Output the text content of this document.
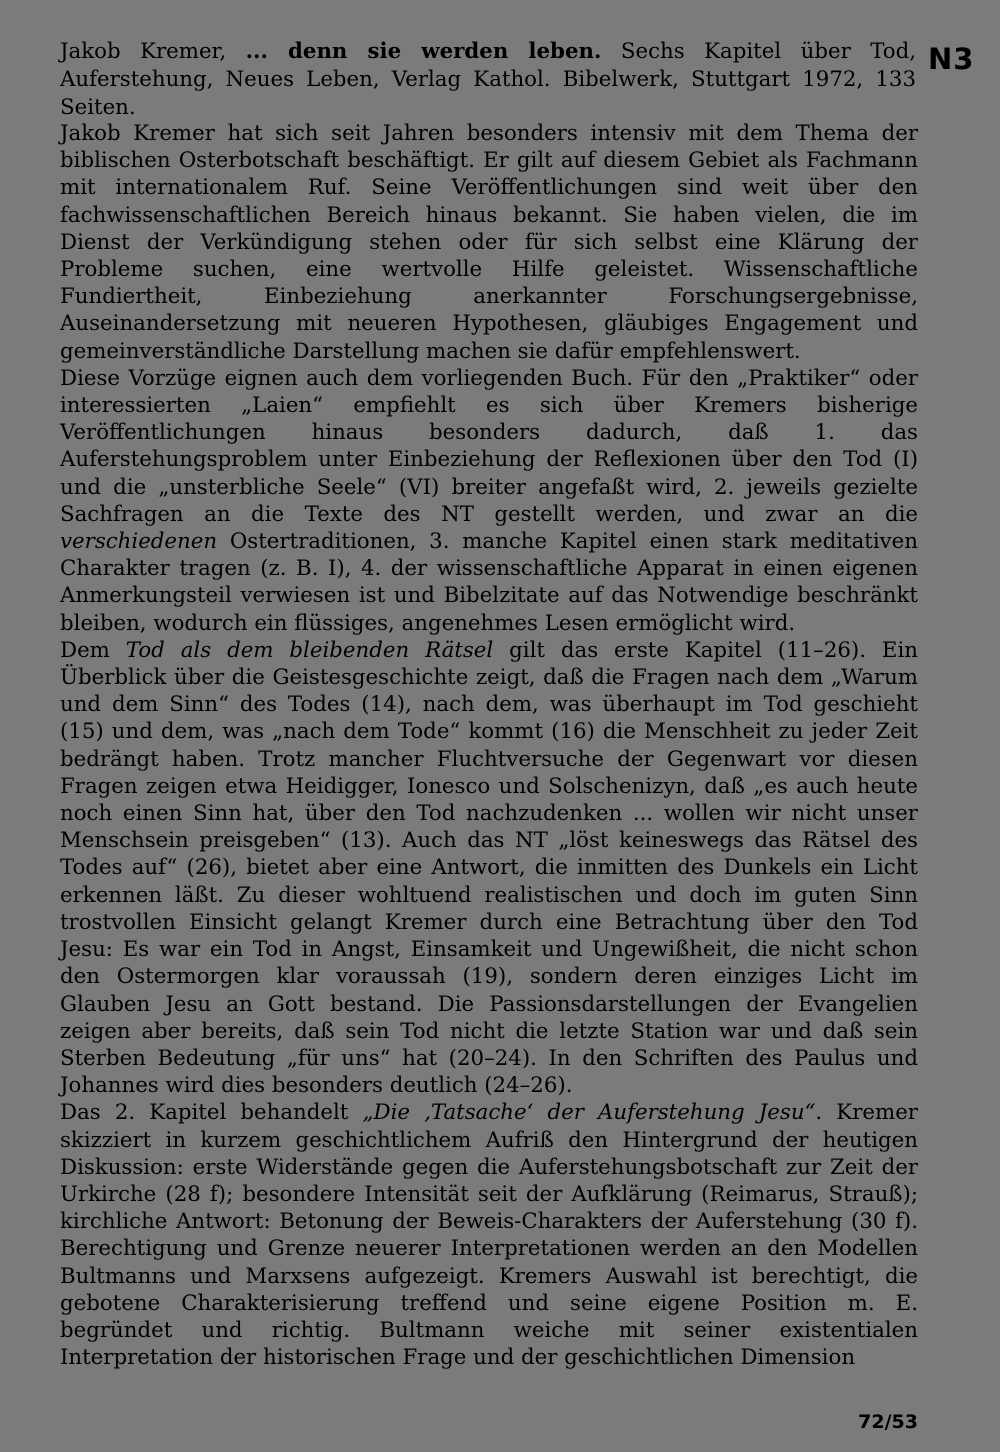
N3
Jakob Kremer, ... denn sie werden leben. Sechs Kapitel über Tod, Auferstehung, Neues Leben, Verlag Kathol. Bibelwerk, Stuttgart 1972, 133 Seiten.

Jakob Kremer hat sich seit Jahren besonders intensiv mit dem Thema der biblischen Osterbotschaft beschäftigt. Er gilt auf diesem Gebiet als Fachmann mit internationalem Ruf. Seine Veröffentlichungen sind weit über den fachwissenschaftlichen Bereich hinaus bekannt. Sie haben vielen, die im Dienst der Verkündigung stehen oder für sich selbst eine Klärung der Probleme suchen, eine wertvolle Hilfe geleistet. Wissenschaftliche Fundiertheit, Einbeziehung anerkannter Forschungsergebnisse, Auseinandersetzung mit neueren Hypothesen, gläubiges Engagement und gemeinverständliche Darstellung machen sie dafür empfehlenswert.

Diese Vorzüge eignen auch dem vorliegenden Buch. Für den „Praktiker“ oder interessierten „Laien“ empfiehlt es sich über Kremers bisherige Veröffentlichungen hinaus besonders dadurch, daß 1. das Auferstehungsproblem unter Einbeziehung der Reflexionen über den Tod (I) und die „unsterbliche Seele“ (VI) breiter angefaßt wird, 2. jeweils gezielte Sachfragen an die Texte des NT gestellt werden, und zwar an die verschiedenen Ostertraditionen, 3. manche Kapitel einen stark meditativen Charakter tragen (z. B. I), 4. der wissenschaftliche Apparat in einen eigenen Anmerkungsteil verwiesen ist und Bibelzitate auf das Notwendige beschränkt bleiben, wodurch ein flüssiges, angenehmes Lesen ermöglicht wird.

Dem Tod als dem bleibenden Rätsel gilt das erste Kapitel (11–26). Ein Überblick über die Geistesgeschichte zeigt, daß die Fragen nach dem „Warum und dem Sinn“ des Todes (14), nach dem, was überhaupt im Tod geschieht (15) und dem, was „nach dem Tode“ kommt (16) die Menschheit zu jeder Zeit bedrängt haben. Trotz mancher Fluchtversuche der Gegenwart vor diesen Fragen zeigen etwa Heidigger, Ionesco und Solschenizyn, daß „es auch heute noch einen Sinn hat, über den Tod nachzudenken ... wollen wir nicht unser Menschsein preisgeben“ (13). Auch das NT „löst keineswegs das Rätsel des Todes auf“ (26), bietet aber eine Antwort, die inmitten des Dunkels ein Licht erkennen läßt. Zu dieser wohltuend realistischen und doch im guten Sinn trostvollen Einsicht gelangt Kremer durch eine Betrachtung über den Tod Jesu: Es war ein Tod in Angst, Einsamkeit und Ungewißheit, die nicht schon den Ostermorgen klar voraussah (19), sondern deren einziges Licht im Glauben Jesu an Gott bestand. Die Passionsdarstellungen der Evangelien zeigen aber bereits, daß sein Tod nicht die letzte Station war und daß sein Sterben Bedeutung „für uns“ hat (20–24). In den Schriften des Paulus und Johannes wird dies besonders deutlich (24–26).

Das 2. Kapitel behandelt „Die ‚Tatsache‘ der Auferstehung Jesu“. Kremer skizziert in kurzem geschichtlichem Aufriß den Hintergrund der heutigen Diskussion: erste Widerstände gegen die Auferstehungsbotschaft zur Zeit der Urkirche (28 f); besondere Intensität seit der Aufklärung (Reimarus, Strauß); kirchliche Antwort: Betonung der Beweis-Charakters der Auferstehung (30 f). Berechtigung und Grenze neuerer Interpretationen werden an den Modellen Bultmanns und Marxsens aufgezeigt. Kremers Auswahl ist berechtigt, die gebotene Charakterisierung treffend und seine eigene Position m. E. begründet und richtig. Bultmann weiche mit seiner existentialen Interpretation der historischen Frage und der geschichtlichen Dimension

72/53
